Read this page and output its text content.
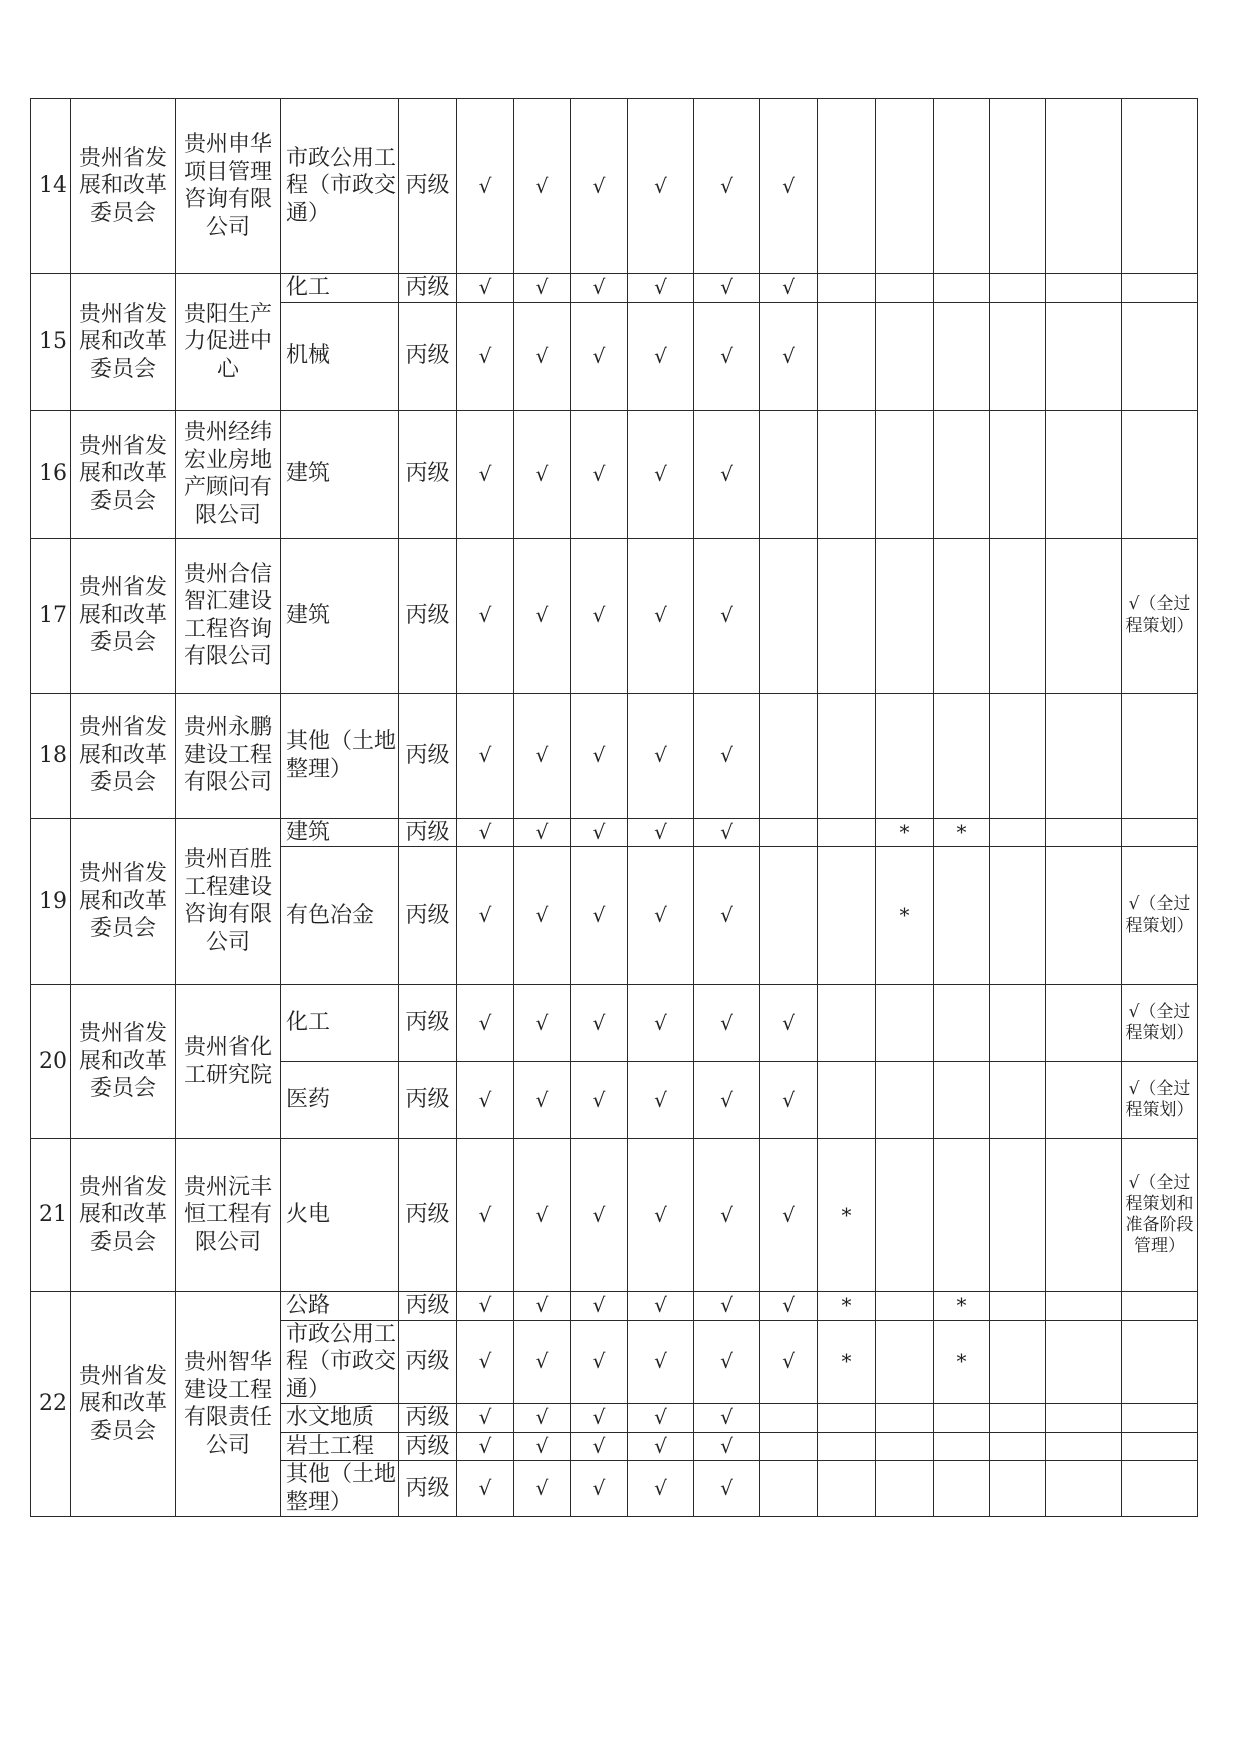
14	贵州省发展和改革委员会	贵州申华项目管理咨询有限公司	市政公用工程（市政交通）	丙级	√	√	√	√	√	√						
15	贵州省发展和改革委员会	贵阳生产力促进中心	化工	丙级	√	√	√	√	√	√						
			机械	丙级	√	√	√	√	√	√						
16	贵州省发展和改革委员会	贵州经纬宏业房地产顾问有限公司	建筑	丙级	√	√	√	√	√							
17	贵州省发展和改革委员会	贵州合信智汇建设工程咨询有限公司	建筑	丙级	√	√	√	√	√							√（全过程策划）
18	贵州省发展和改革委员会	贵州永鹏建设工程有限公司	其他（土地整理）	丙级	√	√	√	√	√							
19	贵州省发展和改革委员会	贵州百胜工程建设咨询有限公司	建筑	丙级	√	√	√	√	√			*	*			
			有色冶金	丙级	√	√	√	√	√			*				√（全过程策划）
20	贵州省发展和改革委员会	贵州省化工研究院	化工	丙级	√	√	√	√	√	√						√（全过程策划）
			医药	丙级	√	√	√	√	√	√						√（全过程策划）
21	贵州省发展和改革委员会	贵州沅丰恒工程有限公司	火电	丙级	√	√	√	√	√	√	*					√（全过程策划和准备阶段管理）
22	贵州省发展和改革委员会	贵州智华建设工程有限责任公司	公路	丙级	√	√	√	√	√	√	*		*			
			市政公用工程（市政交通）	丙级	√	√	√	√	√	√	*		*			
			水文地质	丙级	√	√	√	√	√							
			岩土工程	丙级	√	√	√	√	√							
			其他（土地整理）	丙级	√	√	√	√	√							
